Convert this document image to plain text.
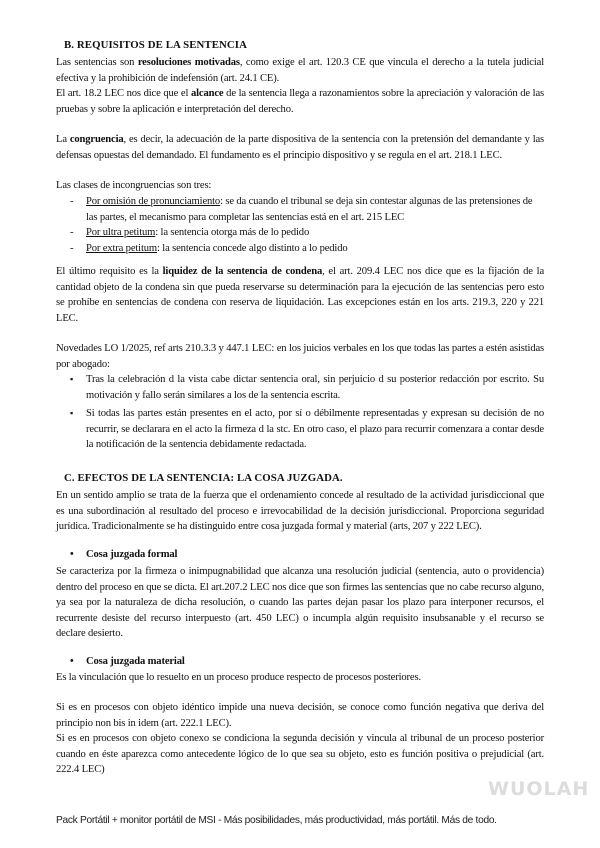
B. REQUISITOS DE LA SENTENCIA

Las sentencias son resoluciones motivadas, como exige el art. 120.3 CE que vincula el derecho a la tutela judicial efectiva y la prohibición de indefensión (art. 24.1 CE).

El art. 18.2 LEC nos dice que el alcance de la sentencia llega a razonamientos sobre la apreciación y valoración de las pruebas y sobre la aplicación e interpretación del derecho.

La congruencia, es decir, la adecuación de la parte dispositiva de la sentencia con la pretensión del demandante y las defensas opuestas del demandado. El fundamento es el principio dispositivo y se regula en el art. 218.1 LEC.

Las clases de incongruencias son tres:

- Por omisión de pronunciamiento: se da cuando el tribunal se deja sin contestar algunas de las pretensiones de las partes, el mecanismo para completar las sentencias está en el art. 215 LEC
- Por ultra petitum: la sentencia otorga más de lo pedido
- Por extra petitum: la sentencia concede algo distinto a lo pedido

El último requisito es la liquidez de la sentencia de condena, el art. 209.4 LEC nos dice que es la fijación de la cantidad objeto de la condena sin que pueda reservarse su determinación para la ejecución de las sentencias pero esto se prohíbe en sentencias de condena con reserva de liquidación. Las excepciones están en los arts. 219.3, 220 y 221 LEC.

Novedades LO 1/2025, ref arts 210.3.3 y 447.1 LEC: en los juicios verbales en los que todas las partes a estén asistidas por abogado:

▪ Tras la celebración d la vista cabe dictar sentencia oral, sin perjuicio d su posterior redacción por escrito. Su motivación y fallo serán similares a los de la sentencia escrita.
▪ Si todas las partes están presentes en el acto, por sí o débilmente representadas y expresan su decisión de no recurrir, se declarara en el acto la firmeza d la stc. En otro caso, el plazo para recurrir comenzara a contar desde la notificación de la sentencia debidamente redactada.
C. EFECTOS DE LA SENTENCIA: LA COSA JUZGADA.

En un sentido amplio se trata de la fuerza que el ordenamiento concede al resultado de la actividad jurisdiccional que es una subordinación al resultado del proceso e irrevocabilidad de la decisión jurisdiccional. Proporciona seguridad jurídica. Tradicionalmente se ha distinguido entre cosa juzgada formal y material (arts, 207 y 222 LEC).

• Cosa juzgada formal

Se caracteriza por la firmeza o inimpugnabilidad que alcanza una resolución judicial (sentencia, auto o providencia) dentro del proceso en que se dicta. El art.207.2 LEC nos dice que son firmes las sentencias que no cabe recurso alguno, ya sea por la naturaleza de dicha resolución, o cuando las partes dejan pasar los plazo para interponer recursos, el recurrente desiste del recurso interpuesto (art. 450 LEC) o incumpla algún requisito insubsanable y el recurso se declare desierto.

• Cosa juzgada material

Es la vinculación que lo resuelto en un proceso produce respecto de procesos posteriores.

Si es en procesos con objeto idéntico impide una nueva decisión, se conoce como función negativa que deriva del principio non bis in idem (art. 222.1 LEC).

Si es en procesos con objeto conexo se condiciona la segunda decisión y vincula al tribunal de un proceso posterior cuando en éste aparezca como antecedente lógico de lo que sea su objeto, esto es función positiva o prejudicial (art. 222.4 LEC)

WUOLAH
Pack Portátil + monitor portátil de MSI - Más posibilidades, más productividad, más portátil. Más de todo.
